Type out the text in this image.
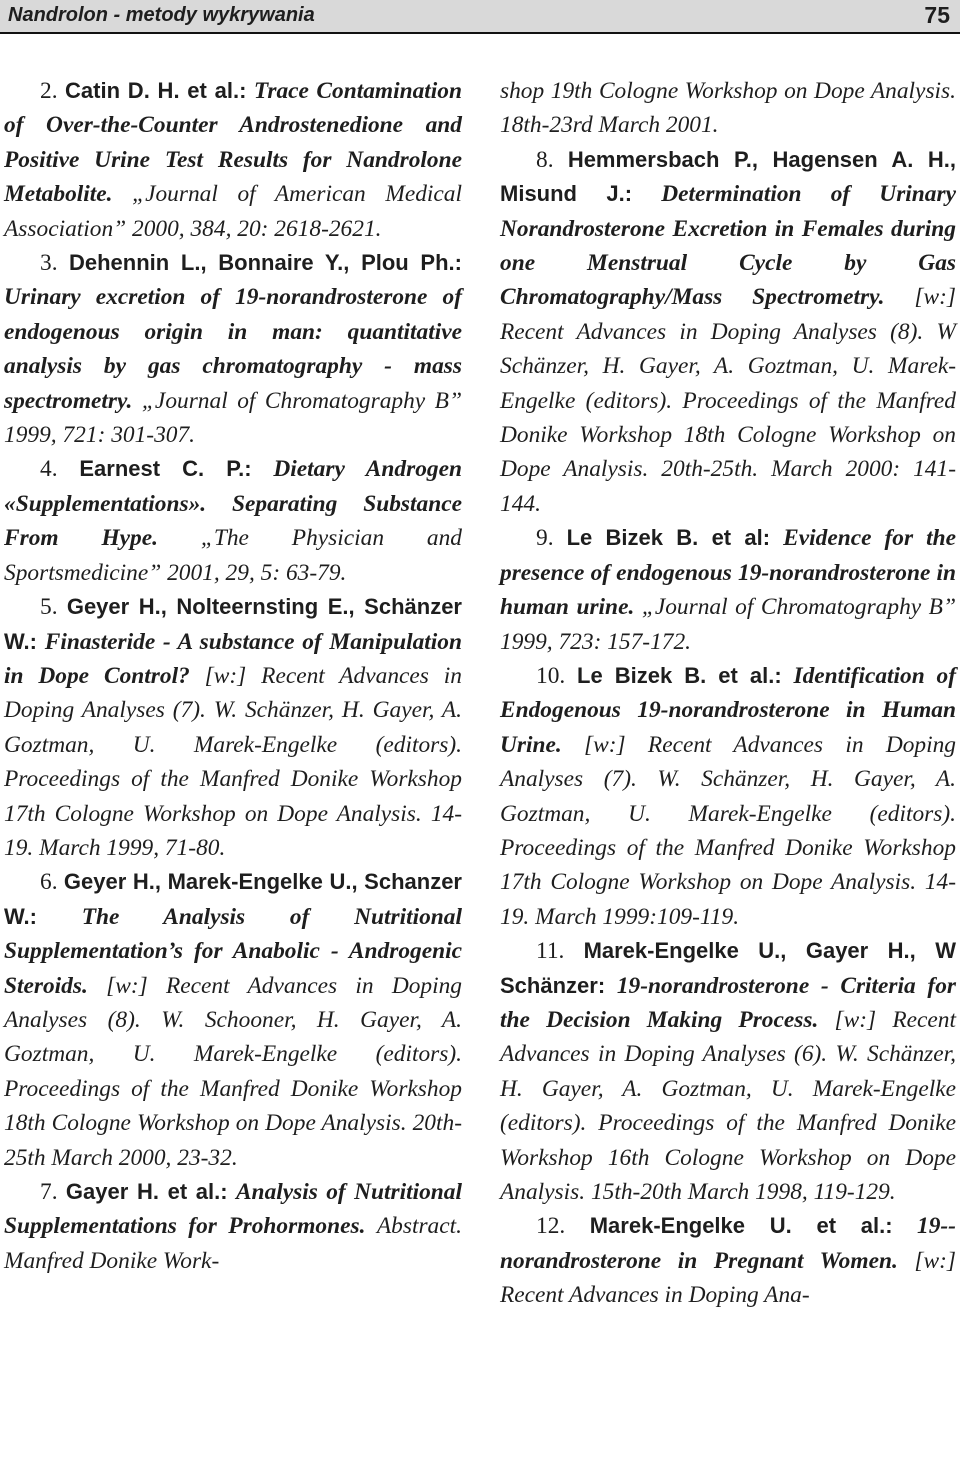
Nandrolon - metody wykrywania	75

2. Catin D. H. et al.: Trace Contamination of Over-the-Counter Androstenedione and Positive Urine Test Results for Nandrolone Metabolite. „Journal of American Medical Association” 2000, 384, 20: 2618-2621.

3. Dehennin L., Bonnaire Y., Plou Ph.: Urinary excretion of 19-norandrosterone of endogenous origin in man: quantitative analysis by gas chromatography - mass spectrometry. „Journal of Chromatography B” 1999, 721: 301-307.

4. Earnest C. P.: Dietary Androgen «Supplementations». Separating Substance From Hype. „The Physician and Sportsmedicine” 2001, 29, 5: 63-79.

5. Geyer H., Nolteernsting E., Schänzer W.: Finasteride - A substance of Manipulation in Dope Control? [w:] Recent Advances in Doping Analyses (7). W. Schänzer, H. Gayer, A. Goztman, U. Marek-Engelke (editors). Proceedings of the Manfred Donike Workshop 17th Cologne Workshop on Dope Analysis. 14-19. March 1999, 71-80.

6. Geyer H., Marek-Engelke U., Schanzer W.: The Analysis of Nutritional Supplementation’s for Anabolic - Androgenic Steroids. [w:] Recent Advances in Doping Analyses (8). W. Schooner, H. Gayer, A. Goztman, U. Marek-Engelke (editors). Proceedings of the Manfred Donike Workshop 18th Cologne Workshop on Dope Analysis. 20th-25th March 2000, 23-32.

7. Gayer H. et al.: Analysis of Nutritional Supplementations for Prohormones. Abstract. Manfred Donike Work-

shop 19th Cologne Workshop on Dope Analysis. 18th-23rd March 2001.

8. Hemmersbach P., Hagensen A. H., Misund J.: Determination of Urinary Norandrosterone Excretion in Females during one Menstrual Cycle by Gas Chromatography/Mass Spectrometry. [w:] Recent Advances in Doping Analyses (8). W Schänzer, H. Gayer, A. Goztman, U. Marek-Engelke (editors). Proceedings of the Manfred Donike Workshop 18th Cologne Workshop on Dope Analysis. 20th-25th. March 2000: 141-144.

9. Le Bizek B. et al: Evidence for the presence of endogenous 19-norandrosterone in human urine. „Journal of Chromatography B” 1999, 723: 157-172.

10. Le Bizek B. et al.: Identification of Endogenous 19-norandrosterone in Human Urine. [w:] Recent Advances in Doping Analyses (7). W. Schänzer, H. Gayer, A. Goztman, U. Marek-Engelke (editors). Proceedings of the Manfred Donike Workshop 17th Cologne Workshop on Dope Analysis. 14-19. March 1999:109-119.

11. Marek-Engelke U., Gayer H., W Schänzer: 19-norandrosterone - Criteria for the Decision Making Process. [w:] Recent Advances in Doping Analyses (6). W. Schänzer, H. Gayer, A. Goztman, U. Marek-Engelke (editors). Proceedings of the Manfred Donike Workshop 16th Cologne Workshop on Dope Analysis. 15th-20th March 1998, 119-129.

12. Marek-Engelke U. et al.: 19--norandrosterone in Pregnant Women. [w:] Recent Advances in Doping Ana-
